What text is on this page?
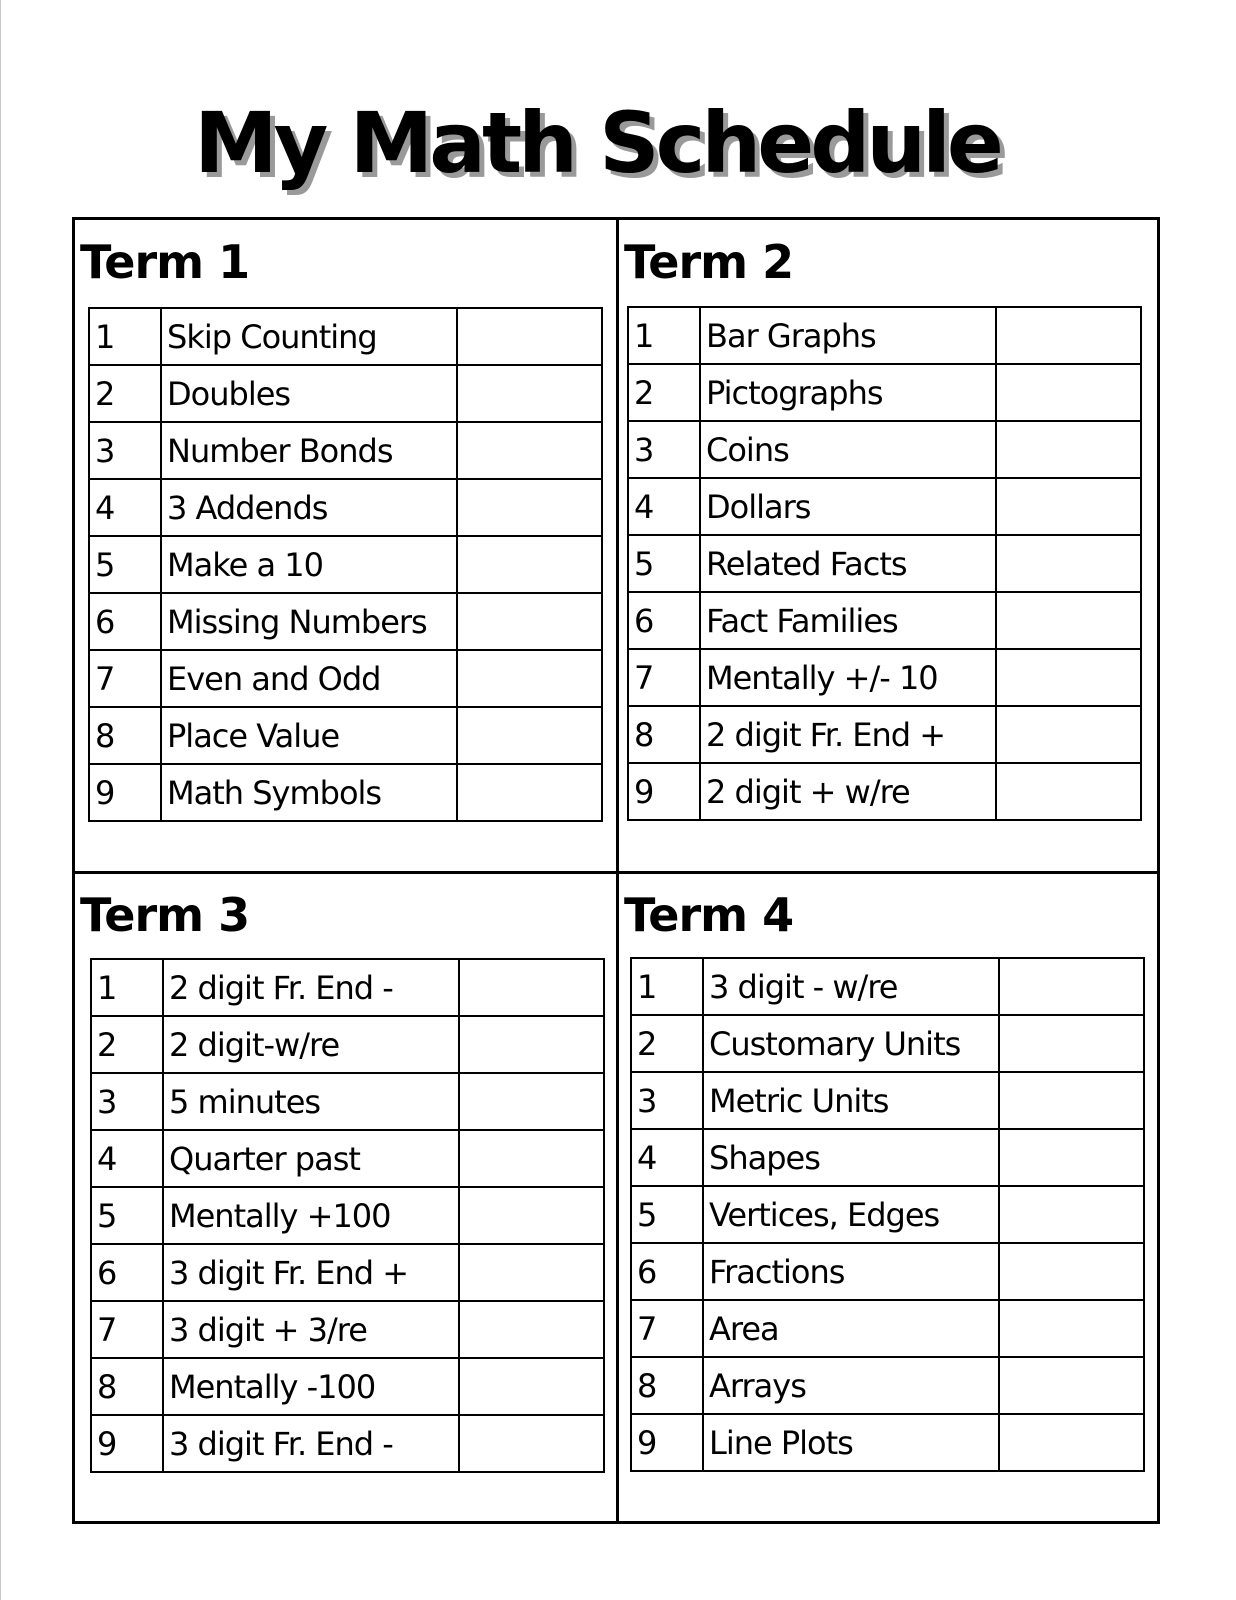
My Math Schedule
Term 1	Term 2
Term 3	Term 4
1	Skip Counting	
2	Doubles	
3	Number Bonds	
4	3 Addends	
5	Make a 10	
6	Missing Numbers	
7	Even and Odd	
8	Place Value	
9	Math Symbols	
1	Bar Graphs	
2	Pictographs	
3	Coins	
4	Dollars	
5	Related Facts	
6	Fact Families	
7	Mentally +/- 10	
8	2 digit Fr. End +	
9	2 digit + w/re	
1	2 digit Fr. End -	
2	2 digit-w/re	
3	5 minutes	
4	Quarter past	
5	Mentally +100	
6	3 digit Fr. End +	
7	3 digit + 3/re	
8	Mentally -100	
9	3 digit Fr. End -	
1	3 digit - w/re	
2	Customary Units	
3	Metric Units	
4	Shapes	
5	Vertices, Edges	
6	Fractions	
7	Area	
8	Arrays	
9	Line Plots	
